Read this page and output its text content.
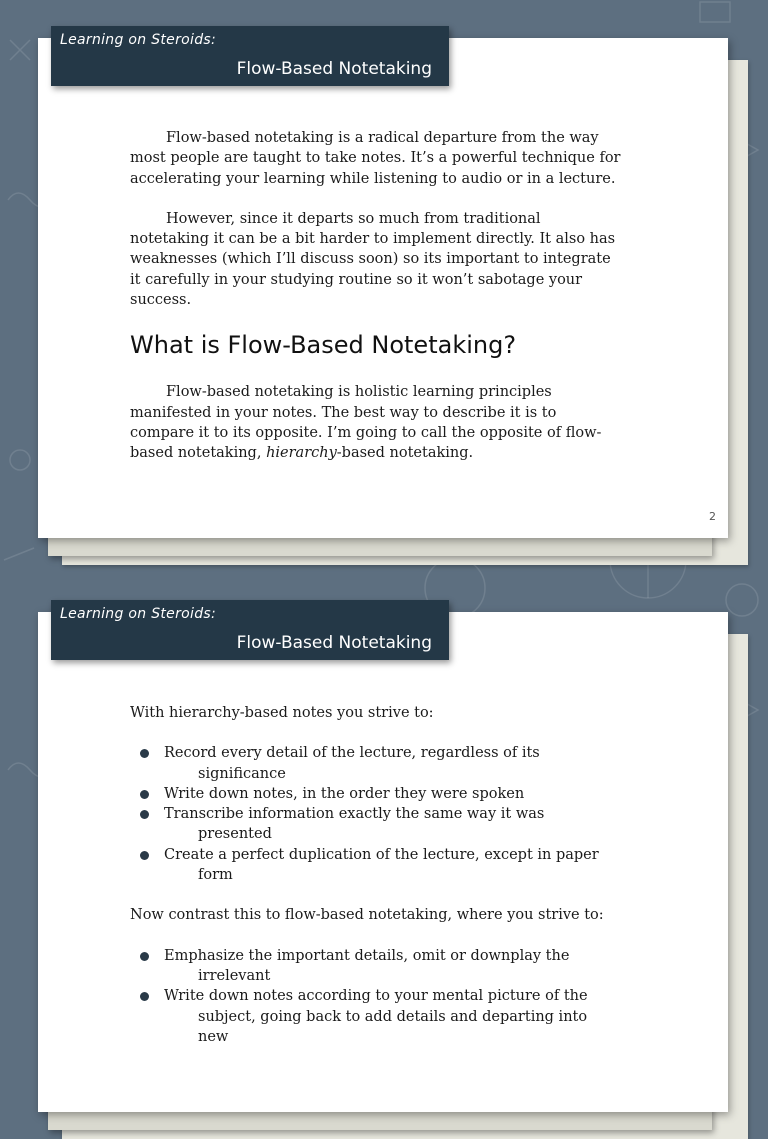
Learning on Steroids:
Flow-Based Notetaking

Flow-based notetaking is a radical departure from the way most people are taught to take notes. It’s a powerful technique for accelerating your learning while listening to audio or in a lecture.

However, since it departs so much from traditional notetaking it can be a bit harder to implement directly. It also has weaknesses (which I’ll discuss soon) so its important to integrate it carefully in your studying routine so it won’t sabotage your success.

What is Flow-Based Notetaking?

Flow-based notetaking is holistic learning principles manifested in your notes. The best way to describe it is to compare it to its opposite. I’m going to call the opposite of flow-based notetaking, hierarchy-based notetaking.

2
Learning on Steroids:
Flow-Based Notetaking

With hierarchy-based notes you strive to:

Record every detail of the lecture, regardless of its
significance
Write down notes, in the order they were spoken
Transcribe information exactly the same way it was
presented
Create a perfect duplication of the lecture, except in paper
form

Now contrast this to flow-based notetaking, where you strive to:

Emphasize the important details, omit or downplay the
irrelevant
Write down notes according to your mental picture of the
subject, going back to add details and departing into new
